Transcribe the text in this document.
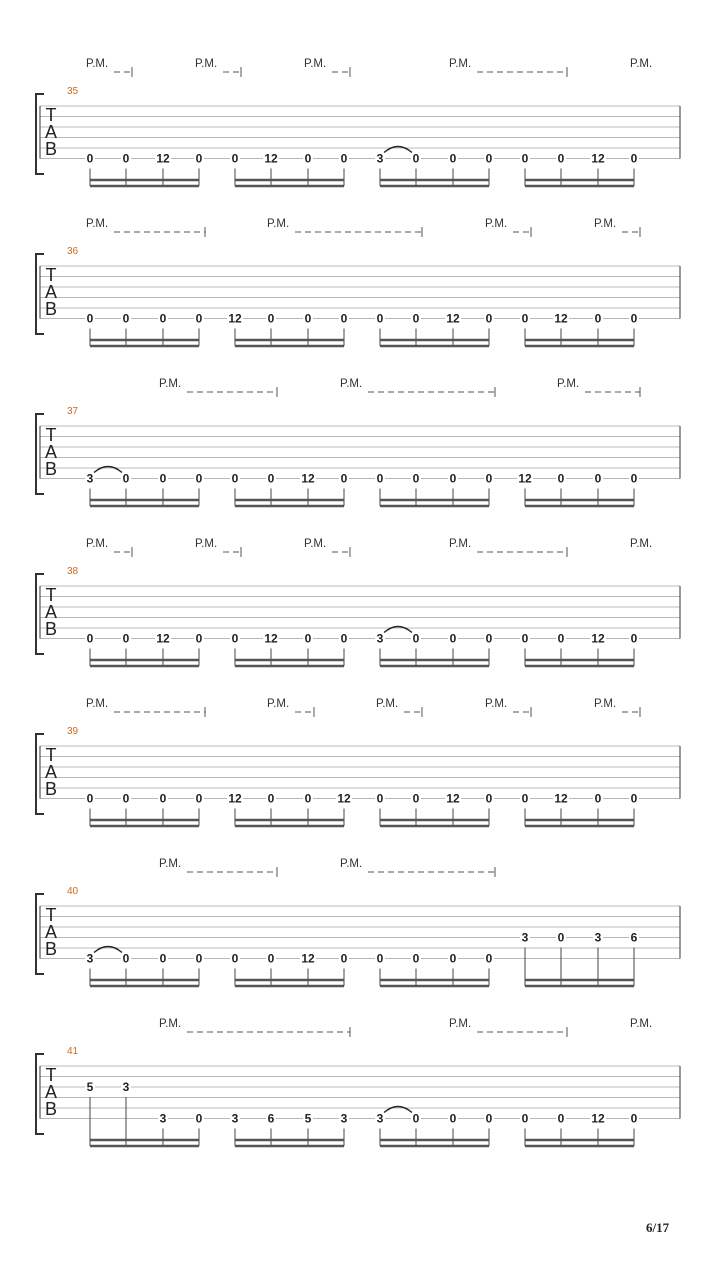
T
A
B
35
P.M.	P.M.	P.M.	P.M.	P.M.
0 0 12 0 0 12 0 0 3 0	0 0 0 0 12 0
T
A
B
36
P.M.	P.M.	P.M.	P.M.
0 0	0 0 12 0	0 0 0 0 12 0 0 12 0 0
T
A
B
37
P.M.	P.M.	P.M.
3 0	0 0 0 0 12 0 0 0	0 0 12 0	0 0
T
A
B
38
P.M.	P.M.	P.M.	P.M.	P.M.
0 0 12 0 0 12 0 0 3 0	0 0 0 0 12 0
T
A
B
39
P.M.	P.M.	P.M.	P.M.	P.M.
0 0	0 0 12 0	0 12 0 0 12 0 0 12 0 0
T
A
B
40
P.M.	P.M.
3 0	0 0 0 0 12 0 0 0	0 0
3 0	3 6
T
A
B
41
P.M.	P.M.	P.M.
5 3
3 0 3 6	5 3 3 0	0 0 0 0 12 0
6/17
